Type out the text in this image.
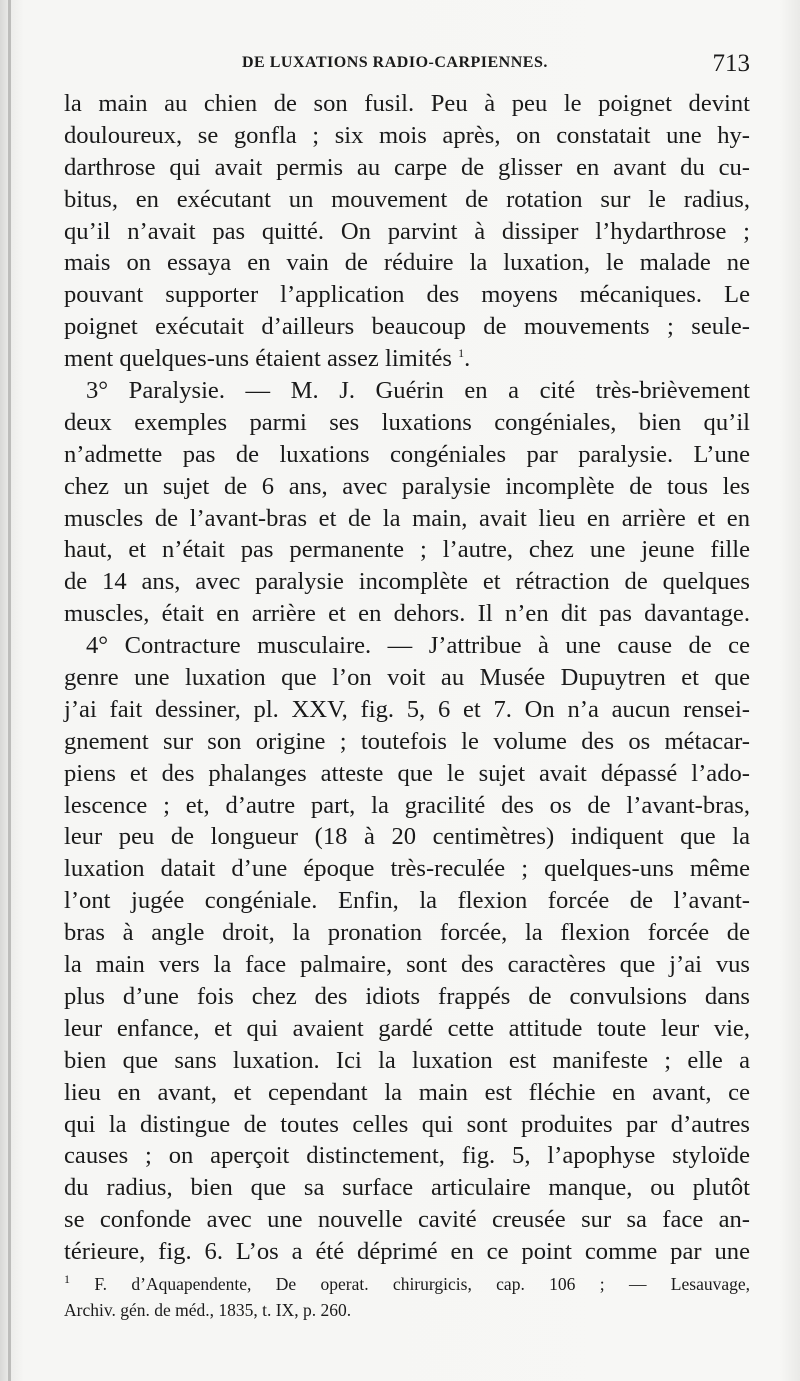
DE LUXATIONS RADIO-CARPIENNES.	713
la main au chien de son fusil. Peu à peu le poignet devint
douloureux, se gonfla ; six mois après, on constatait une hy-
darthrose qui avait permis au carpe de glisser en avant du cu-
bitus, en exécutant un mouvement de rotation sur le radius,
qu’il n’avait pas quitté. On parvint à dissiper l’hydarthrose ;
mais on essaya en vain de réduire la luxation, le malade ne
pouvant supporter l’application des moyens mécaniques. Le
poignet exécutait d’ailleurs beaucoup de mouvements ; seule-
ment quelques-uns étaient assez limités $^1$.
3° Paralysie. — M. J. Guérin en a cité très-brièvement
deux exemples parmi ses luxations congéniales, bien qu’il
n’admette pas de luxations congéniales par paralysie. L’une
chez un sujet de 6 ans, avec paralysie incomplète de tous les
muscles de l’avant-bras et de la main, avait lieu en arrière et en
haut, et n’était pas permanente ; l’autre, chez une jeune fille
de 14 ans, avec paralysie incomplète et rétraction de quelques
muscles, était en arrière et en dehors. Il n’en dit pas davantage.
4° Contracture musculaire. — J’attribue à une cause de ce
genre une luxation que l’on voit au Musée Dupuytren et que
j’ai fait dessiner, pl. XXV, fig. 5, 6 et 7. On n’a aucun rensei-
gnement sur son origine ; toutefois le volume des os métacar-
piens et des phalanges atteste que le sujet avait dépassé l’ado-
lescence ; et, d’autre part, la gracilité des os de l’avant-bras,
leur peu de longueur (18 à 20 centimètres) indiquent que la
luxation datait d’une époque très-reculée ; quelques-uns même
l’ont jugée congéniale. Enfin, la flexion forcée de l’avant-
bras à angle droit, la pronation forcée, la flexion forcée de
la main vers la face palmaire, sont des caractères que j’ai vus
plus d’une fois chez des idiots frappés de convulsions dans
leur enfance, et qui avaient gardé cette attitude toute leur vie,
bien que sans luxation. Ici la luxation est manifeste ; elle a
lieu en avant, et cependant la main est fléchie en avant, ce
qui la distingue de toutes celles qui sont produites par d’autres
causes ; on aperçoit distinctement, fig. 5, l’apophyse styloïde
du radius, bien que sa surface articulaire manque, ou plutôt
se confonde avec une nouvelle cavité creusée sur sa face an-
térieure, fig. 6. L’os a été déprimé en ce point comme par une
$^1$ F. d’Aquapendente, De operat. chirurgicis, cap. 106 ; — Lesauvage,
Archiv. gén. de méd., 1835, t. IX, p. 260.
